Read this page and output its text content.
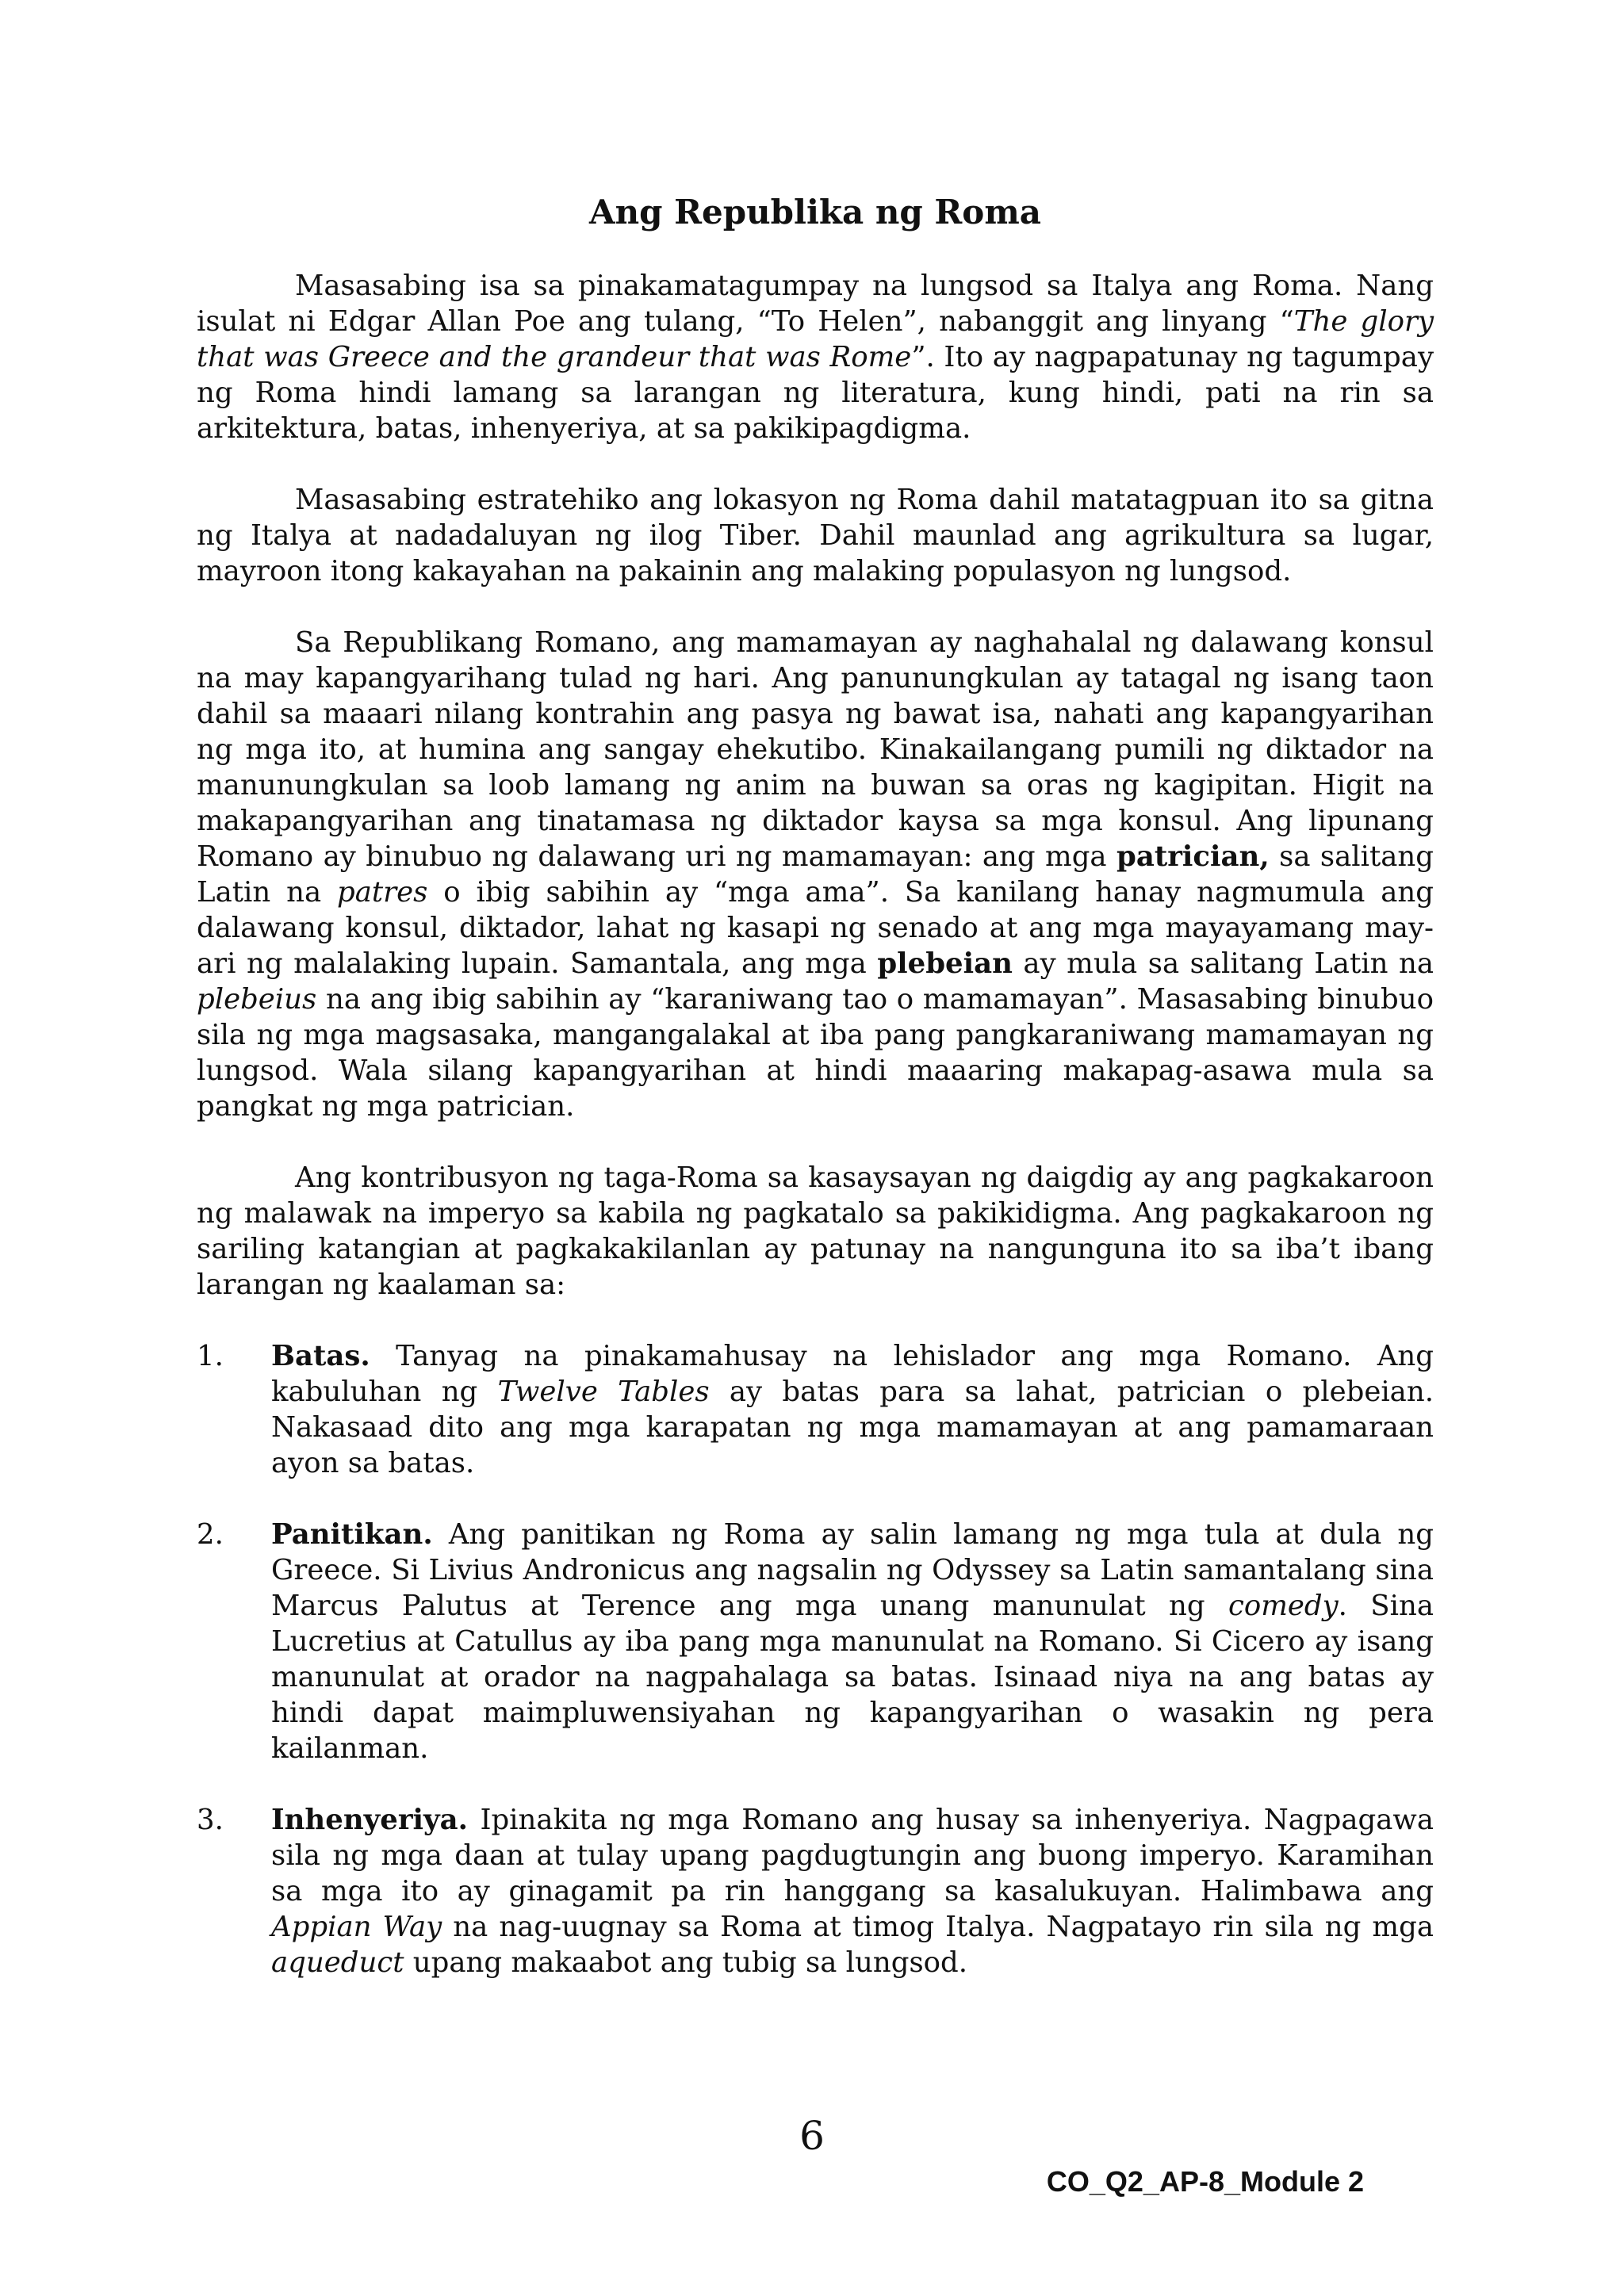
Ang Republika ng Roma

Masasabing isa sa pinakamatagumpay na lungsod sa Italya ang Roma. Nang isulat ni Edgar Allan Poe ang tulang, “To Helen”, nabanggit ang linyang “The glory that was Greece and the grandeur that was Rome”. Ito ay nagpapatunay ng tagumpay ng Roma hindi lamang sa larangan ng literatura, kung hindi, pati na rin sa arkitektura, batas, inhenyeriya, at sa pakikipagdigma.

Masasabing estratehiko ang lokasyon ng Roma dahil matatagpuan ito sa gitna ng Italya at nadadaluyan ng ilog Tiber. Dahil maunlad ang agrikultura sa lugar, mayroon itong kakayahan na pakainin ang malaking populasyon ng lungsod.

Sa Republikang Romano, ang mamamayan ay naghahalal ng dalawang konsul na may kapangyarihang tulad ng hari. Ang panunungkulan ay tatagal ng isang taon dahil sa maaari nilang kontrahin ang pasya ng bawat isa, nahati ang kapangyarihan ng mga ito, at humina ang sangay ehekutibo. Kinakailangang pumili ng diktador na manunungkulan sa loob lamang ng anim na buwan sa oras ng kagipitan. Higit na makapangyarihan ang tinatamasa ng diktador kaysa sa mga konsul. Ang lipunang Romano ay binubuo ng dalawang uri ng mamamayan: ang mga patrician, sa salitang Latin na patres o ibig sabihin ay “mga ama”. Sa kanilang hanay nagmumula ang dalawang konsul, diktador, lahat ng kasapi ng senado at ang mga mayayamang may-ari ng malalaking lupain. Samantala, ang mga plebeian ay mula sa salitang Latin na plebeius na ang ibig sabihin ay “karaniwang tao o mamamayan”. Masasabing binubuo sila ng mga magsasaka, mangangalakal at iba pang pangkaraniwang mamamayan ng lungsod. Wala silang kapangyarihan at hindi maaaring makapag-asawa mula sa pangkat ng mga patrician.

Ang kontribusyon ng taga-Roma sa kasaysayan ng daigdig ay ang pagkakaroon ng malawak na imperyo sa kabila ng pagkatalo sa pakikidigma. Ang pagkakaroon ng sariling katangian at pagkakakilanlan ay patunay na nangunguna ito sa iba’t ibang larangan ng kaalaman sa:

1. Batas. Tanyag na pinakamahusay na lehislador ang mga Romano. Ang kabuluhan ng Twelve Tables ay batas para sa lahat, patrician o plebeian. Nakasaad dito ang mga karapatan ng mga mamamayan at ang pamamaraan ayon sa batas.
2. Panitikan. Ang panitikan ng Roma ay salin lamang ng mga tula at dula ng Greece. Si Livius Andronicus ang nagsalin ng Odyssey sa Latin samantalang sina Marcus Palutus at Terence ang mga unang manunulat ng comedy. Sina Lucretius at Catullus ay iba pang mga manunulat na Romano. Si Cicero ay isang manunulat at orador na nagpahalaga sa batas. Isinaad niya na ang batas ay hindi dapat maimpluwensiyahan ng kapangyarihan o wasakin ng pera kailanman.
3. Inhenyeriya. Ipinakita ng mga Romano ang husay sa inhenyeriya. Nagpagawa sila ng mga daan at tulay upang pagdugtungin ang buong imperyo. Karamihan sa mga ito ay ginagamit pa rin hanggang sa kasalukuyan. Halimbawa ang Appian Way na nag-uugnay sa Roma at timog Italya. Nagpatayo rin sila ng mga aqueduct upang makaabot ang tubig sa lungsod.
6
CO_Q2_AP-8_Module 2
